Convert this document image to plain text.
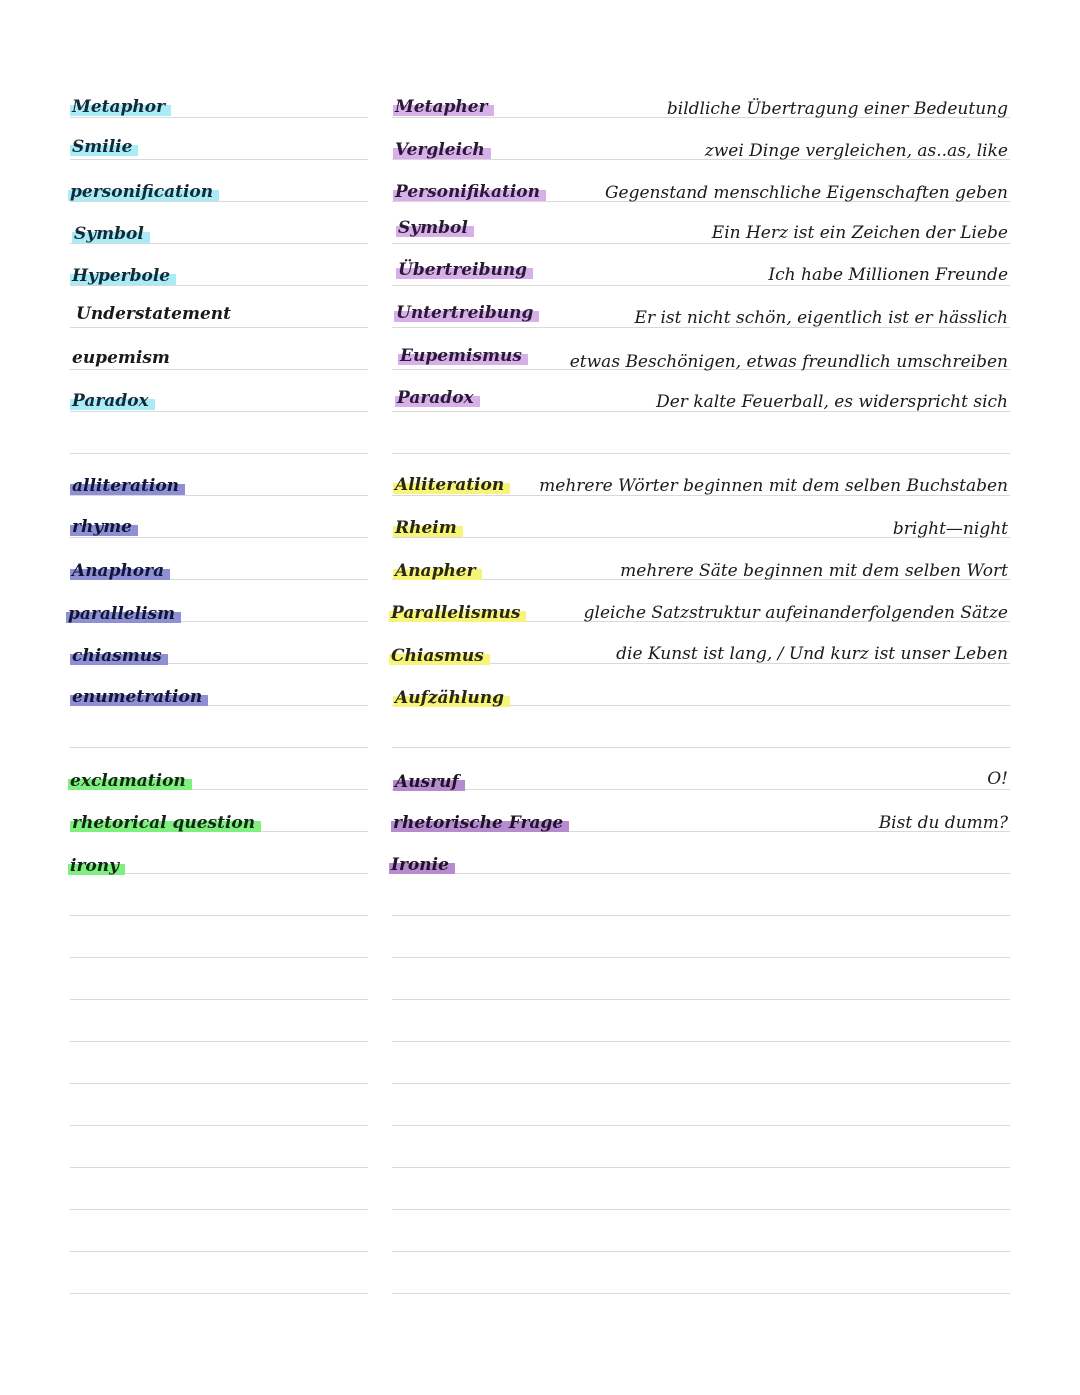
Metaphor	Metapher	bildliche Übertragung einer Bedeutung
Smilie	Vergleich	zwei Dinge vergleichen, as..as, like
personification	Personifikation	Gegenstand menschliche Eigenschaften geben
Symbol	Symbol	Ein Herz ist ein Zeichen der Liebe
Hyperbole	Übertreibung	Ich habe Millionen Freunde
Understatement	Untertreibung	Er ist nicht schön, eigentlich ist er hässlich
eupemism	Eupemismus	etwas Beschönigen, etwas freundlich umschreiben
Paradox	Paradox	Der kalte Feuerball, es widerspricht sich
alliteration	Alliteration	mehrere Wörter beginnen mit dem selben Buchstaben
rhyme	Rheim	bright—night
Anaphora	Anapher	mehrere Säte beginnen mit dem selben Wort
parallelism	Parallelismus	gleiche Satzstruktur aufeinanderfolgenden Sätze
chiasmus	Chiasmus	die Kunst ist lang, / Und kurz ist unser Leben
enumetration	Aufzählung
exclamation	Ausruf	O!
rhetorical question	rhetorische Frage	Bist du dumm?
irony	Ironie
